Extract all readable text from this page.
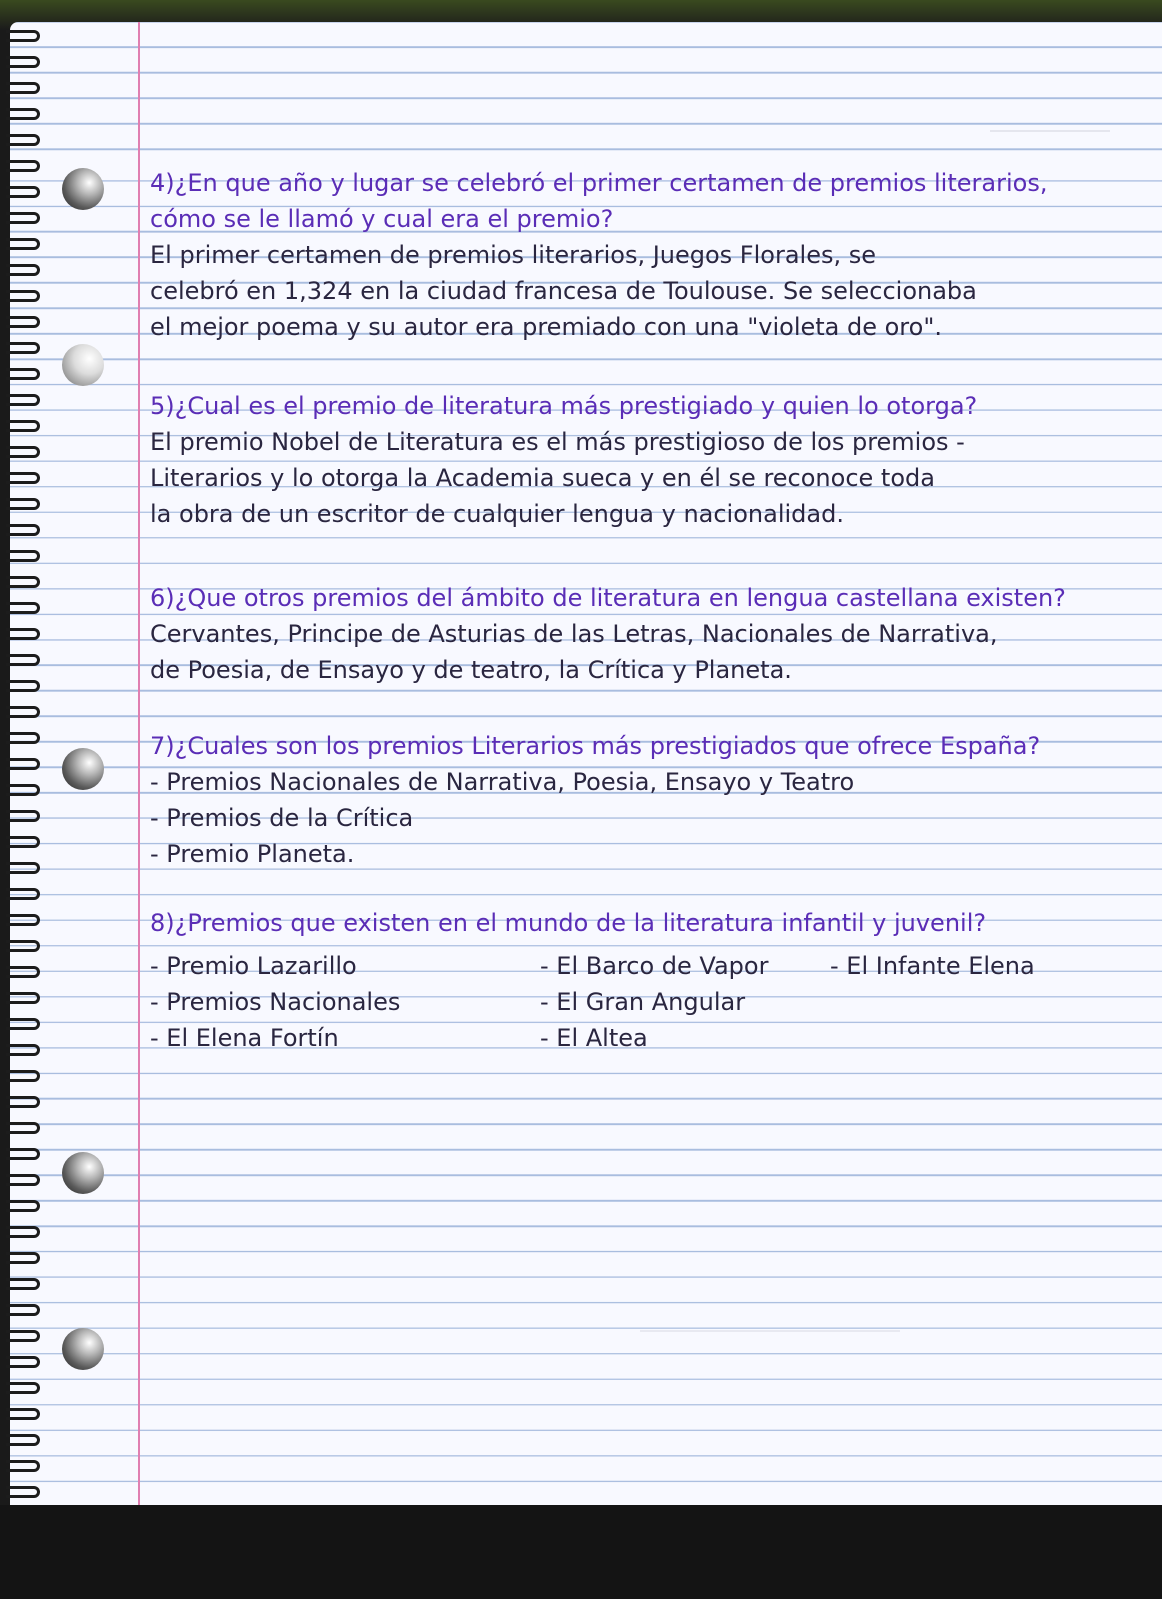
4)¿En que año y lugar se celebró el primer certamen de premios literarios,
cómo se le llamó y cual era el premio?
El primer certamen de premios literarios, Juegos Florales, se
celebró en 1,324 en la ciudad francesa de Toulouse. Se seleccionaba
el mejor poema y su autor era premiado con una "violeta de oro".
5)¿Cual es el premio de literatura más prestigiado y quien lo otorga?
El premio Nobel de Literatura es el más prestigioso de los premios -
Literarios y lo otorga la Academia sueca y en él se reconoce toda
la obra de un escritor de cualquier lengua y nacionalidad.
6)¿Que otros premios del ámbito de literatura en lengua castellana existen?
Cervantes, Principe de Asturias de las Letras, Nacionales de Narrativa,
de Poesia, de Ensayo y de teatro, la Crítica y Planeta.
7)¿Cuales son los premios Literarios más prestigiados que ofrece España?
- Premios Nacionales de Narrativa, Poesia, Ensayo y Teatro
- Premios de la Crítica
- Premio Planeta.
8)¿Premios que existen en el mundo de la literatura infantil y juvenil?
- Premio Lazarillo
- Premios Nacionales
- El Elena Fortín
- El Barco de Vapor
- El Gran Angular
- El Altea
- El Infante Elena
